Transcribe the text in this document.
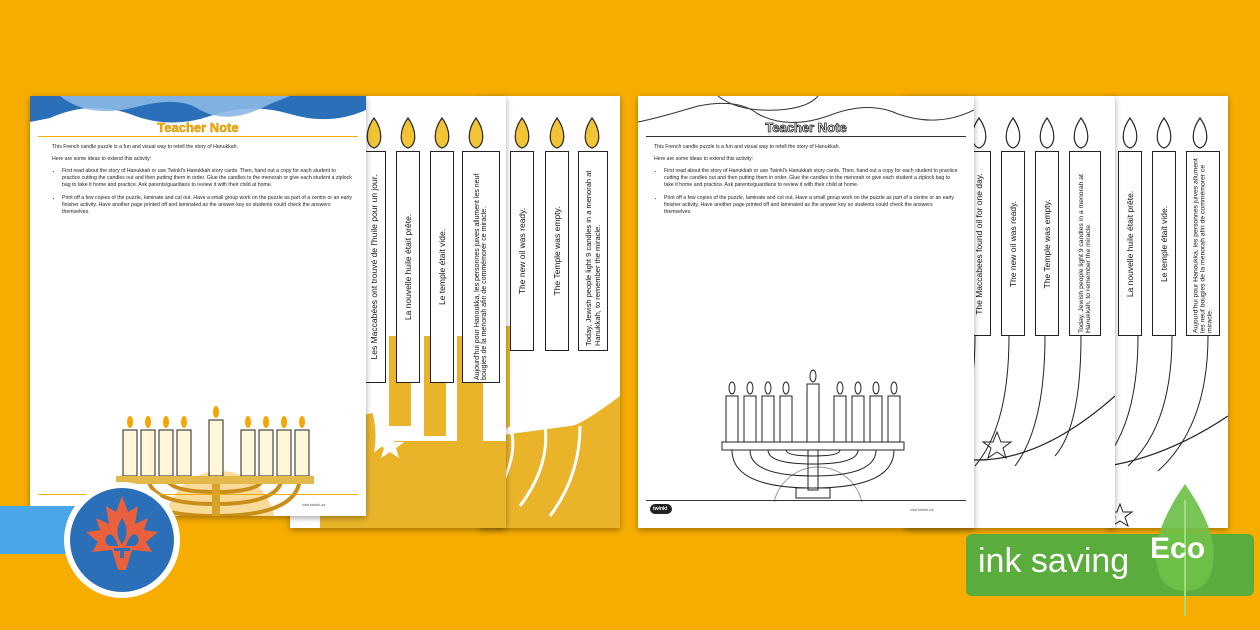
The new oil was ready.	The Temple was empty.	Today, Jewish people light 9 candles in a menorah at Hanukkah, to remember the miracle.
Les Maccabées ont trouvé de l'huile pour un jour.	La nouvelle huile était prête.	Le temple était vide.	Aujourd'hui pour Hanoukka, les personnes juives allument les neuf bougies de la menorah afin de commémorer ce miracle.
Teacher Note

This French candle puzzle is a fun and visual way to retell the story of Hanukkah.

Here are some ideas to extend this activity:

• First read about the story of Hanukkah or use Twinkl's Hanukkah story cards. Then, hand out a copy for each student to practice cutting the candles out and then putting them in order. Glue the candles to the menorah or give each student a ziplock bag to take it home and practice. Ask parents/guardians to review it with their child at home.
• Print off a few copies of the puzzle, laminate and cut out. Have a small group work on the puzzle as part of a centre or an early finisher activity. Have another page printed off and laminated as the answer key so students could check the answers themselves.
visit twinkl.ca
La nouvelle huile était prête.	Le temple était vide.	Aujourd'hui pour Hanoukka, les personnes juives allument les neuf bougies de la menorah afin de commémorer ce miracle.
The Maccabees found oil for one day.	The new oil was ready.	The Temple was empty.	Today, Jewish people light 9 candles in a menorah at Hanukkah, to remember the miracle.
Teacher Note

This French candle puzzle is a fun and visual way to retell the story of Hanukkah.

Here are some ideas to extend this activity:

• First read about the story of Hanukkah or use Twinkl's Hanukkah story cards. Then, hand out a copy for each student to practice cutting the candles out and then putting them in order. Glue the candles to the menorah or give each student a ziplock bag to take it home and practice. Ask parents/guardians to review it with their child at home.
• Print off a few copies of the puzzle, laminate and cut out. Have a small group work on the puzzle as part of a centre or an early finisher activity. Have another page printed off and laminated as the answer key so students could check the answers themselves.
twinkl	visit twinkl.ca
ink saving Eco
